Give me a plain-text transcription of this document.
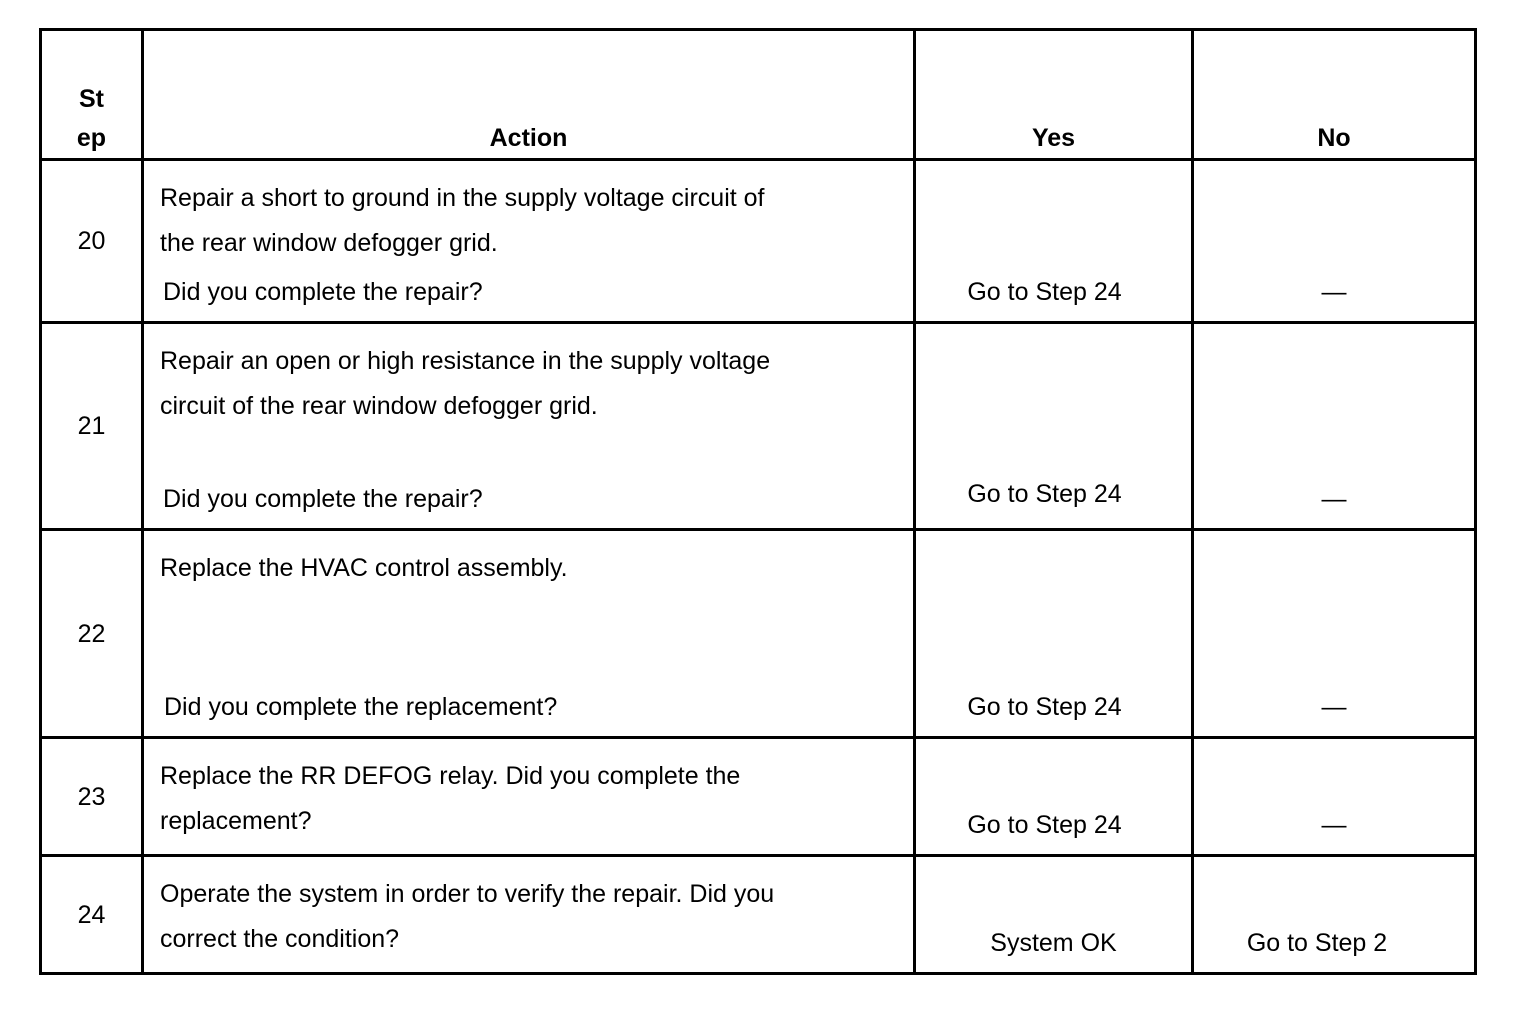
St
ep	Action	Yes	No

20	Repair a short to ground in the supply voltage circuit of
the rear window defogger grid.
Did you complete the repair?	Go to Step 24	—

21	Repair an open or high resistance in the supply voltage
circuit of the rear window defogger grid.
Did you complete the repair?	Go to Step 24	—

22	Replace the HVAC control assembly.
Did you complete the replacement?	Go to Step 24	—

23	Replace the RR DEFOG relay. Did you complete the
replacement?	Go to Step 24	—

24	Operate the system in order to verify the repair. Did you
correct the condition?	System OK	Go to Step 2
